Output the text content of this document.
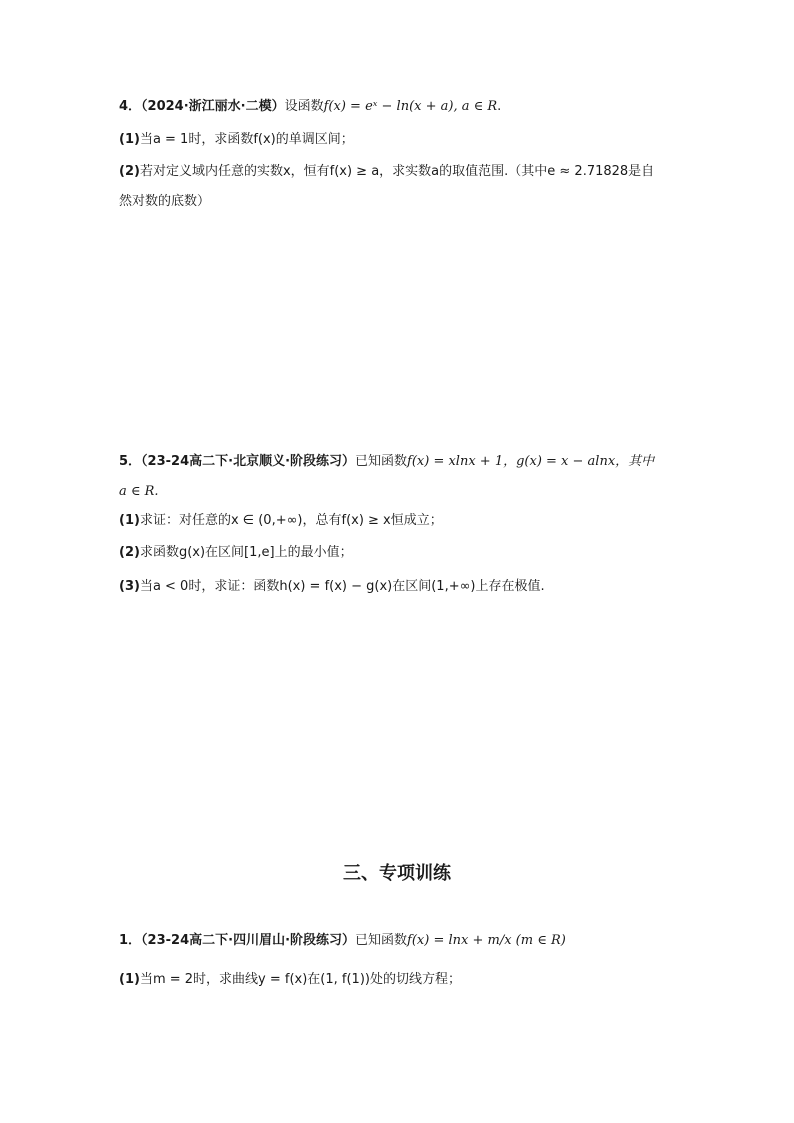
4．（2024·浙江丽水·二模）设函数f(x) = eˣ − ln(x + a), a ∈ R.
(1)当a = 1时，求函数f(x)的单调区间；
(2)若对定义域内任意的实数x，恒有f(x) ≥ a，求实数a的取值范围.（其中e ≈ 2.71828是自
然对数的底数）
5．（23-24高二下·北京顺义·阶段练习）已知函数f(x) = xlnx + 1，g(x) = x − alnx，其中
a ∈ R.
(1)求证：对任意的x ∈ (0,+∞)，总有f(x) ≥ x恒成立；
(2)求函数g(x)在区间[1,e]上的最小值；
(3)当a < 0时，求证：函数h(x) = f(x) − g(x)在区间(1,+∞)上存在极值.
三、专项训练
1．（23-24高二下·四川眉山·阶段练习）已知函数f(x) = lnx + m/x (m ∈ R)
(1)当m = 2时，求曲线y = f(x)在(1, f(1))处的切线方程；
